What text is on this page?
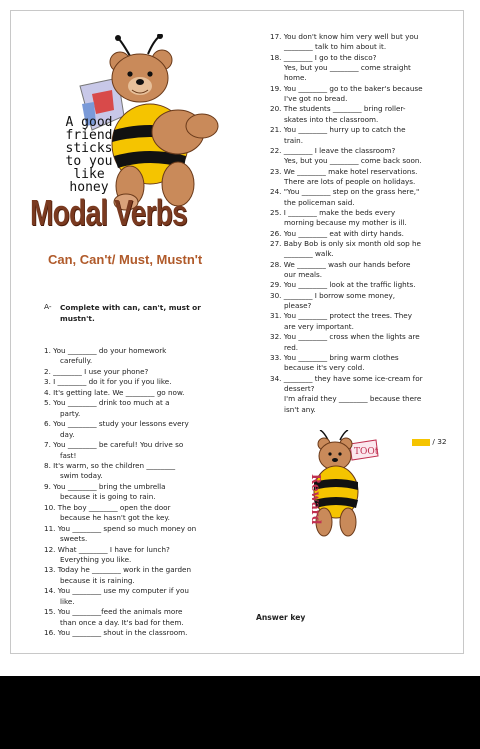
A good
friend
sticks
to you
like
honey
Modal Verbs
Can, Can't/ Must, Mustn't
A- Complete with can, can't, must or mustn't.
1. You ________ do your homework
carefully.
2. ________ I use your phone?
3. I ________ do it for you if you like.
4. It's getting late. We ________ go now.
5. You ________ drink too much at a
party.
6. You ________ study your lessons every
day.
7. You ________ be careful! You drive so
fast!
8. It's warm, so the children ________
swim today.
9. You ________ bring the umbrella
because it is going to rain.
10. The boy ________ open the door
because he hasn't got the key.
11. You ________ spend so much money on
sweets.
12. What ________ I have for lunch?
Everything you like.
13. Today he ________ work in the garden
because it is raining.
14. You ________ use my computer if you
like.
15. You ________feed the animals more
than once a day. It's bad for them.
16. You ________ shout in the classroom.
17. You don't know him very well but you
________ talk to him about it.
18. ________ I go to the disco?
Yes, but you ________ come straight
home.
19. You ________ go to the baker's because
I've got no bread.
20. The students ________ bring roller-
skates into the classroom.
21. You ________ hurry up to catch the
train.
22. ________ I leave the classroom?
Yes, but you ________ come back soon.
23. We ________ make hotel reservations.
There are lots of people on holidays.
24. "You ________ step on the grass here,"
the policeman said.
25. I ________ make the beds every
morning because my mother is ill.
26. You ________ eat with dirty hands.
27. Baby Bob is only six month old sop he
________ walk.
28. We ________ wash our hands before
our meals.
29. You ________ look at the traffic lights.
30. ________ I borrow some money,
please?
31. You ________ protect the trees. They
are very important.
32. You ________ cross when the lights are
red.
33. You ________ bring warm clothes
because it's very cold.
34. ________ they have some ice-cream for
dessert?
I'm afraid they ________ because there
isn't any.
/ 32
TOOt
Reward
Answer key
